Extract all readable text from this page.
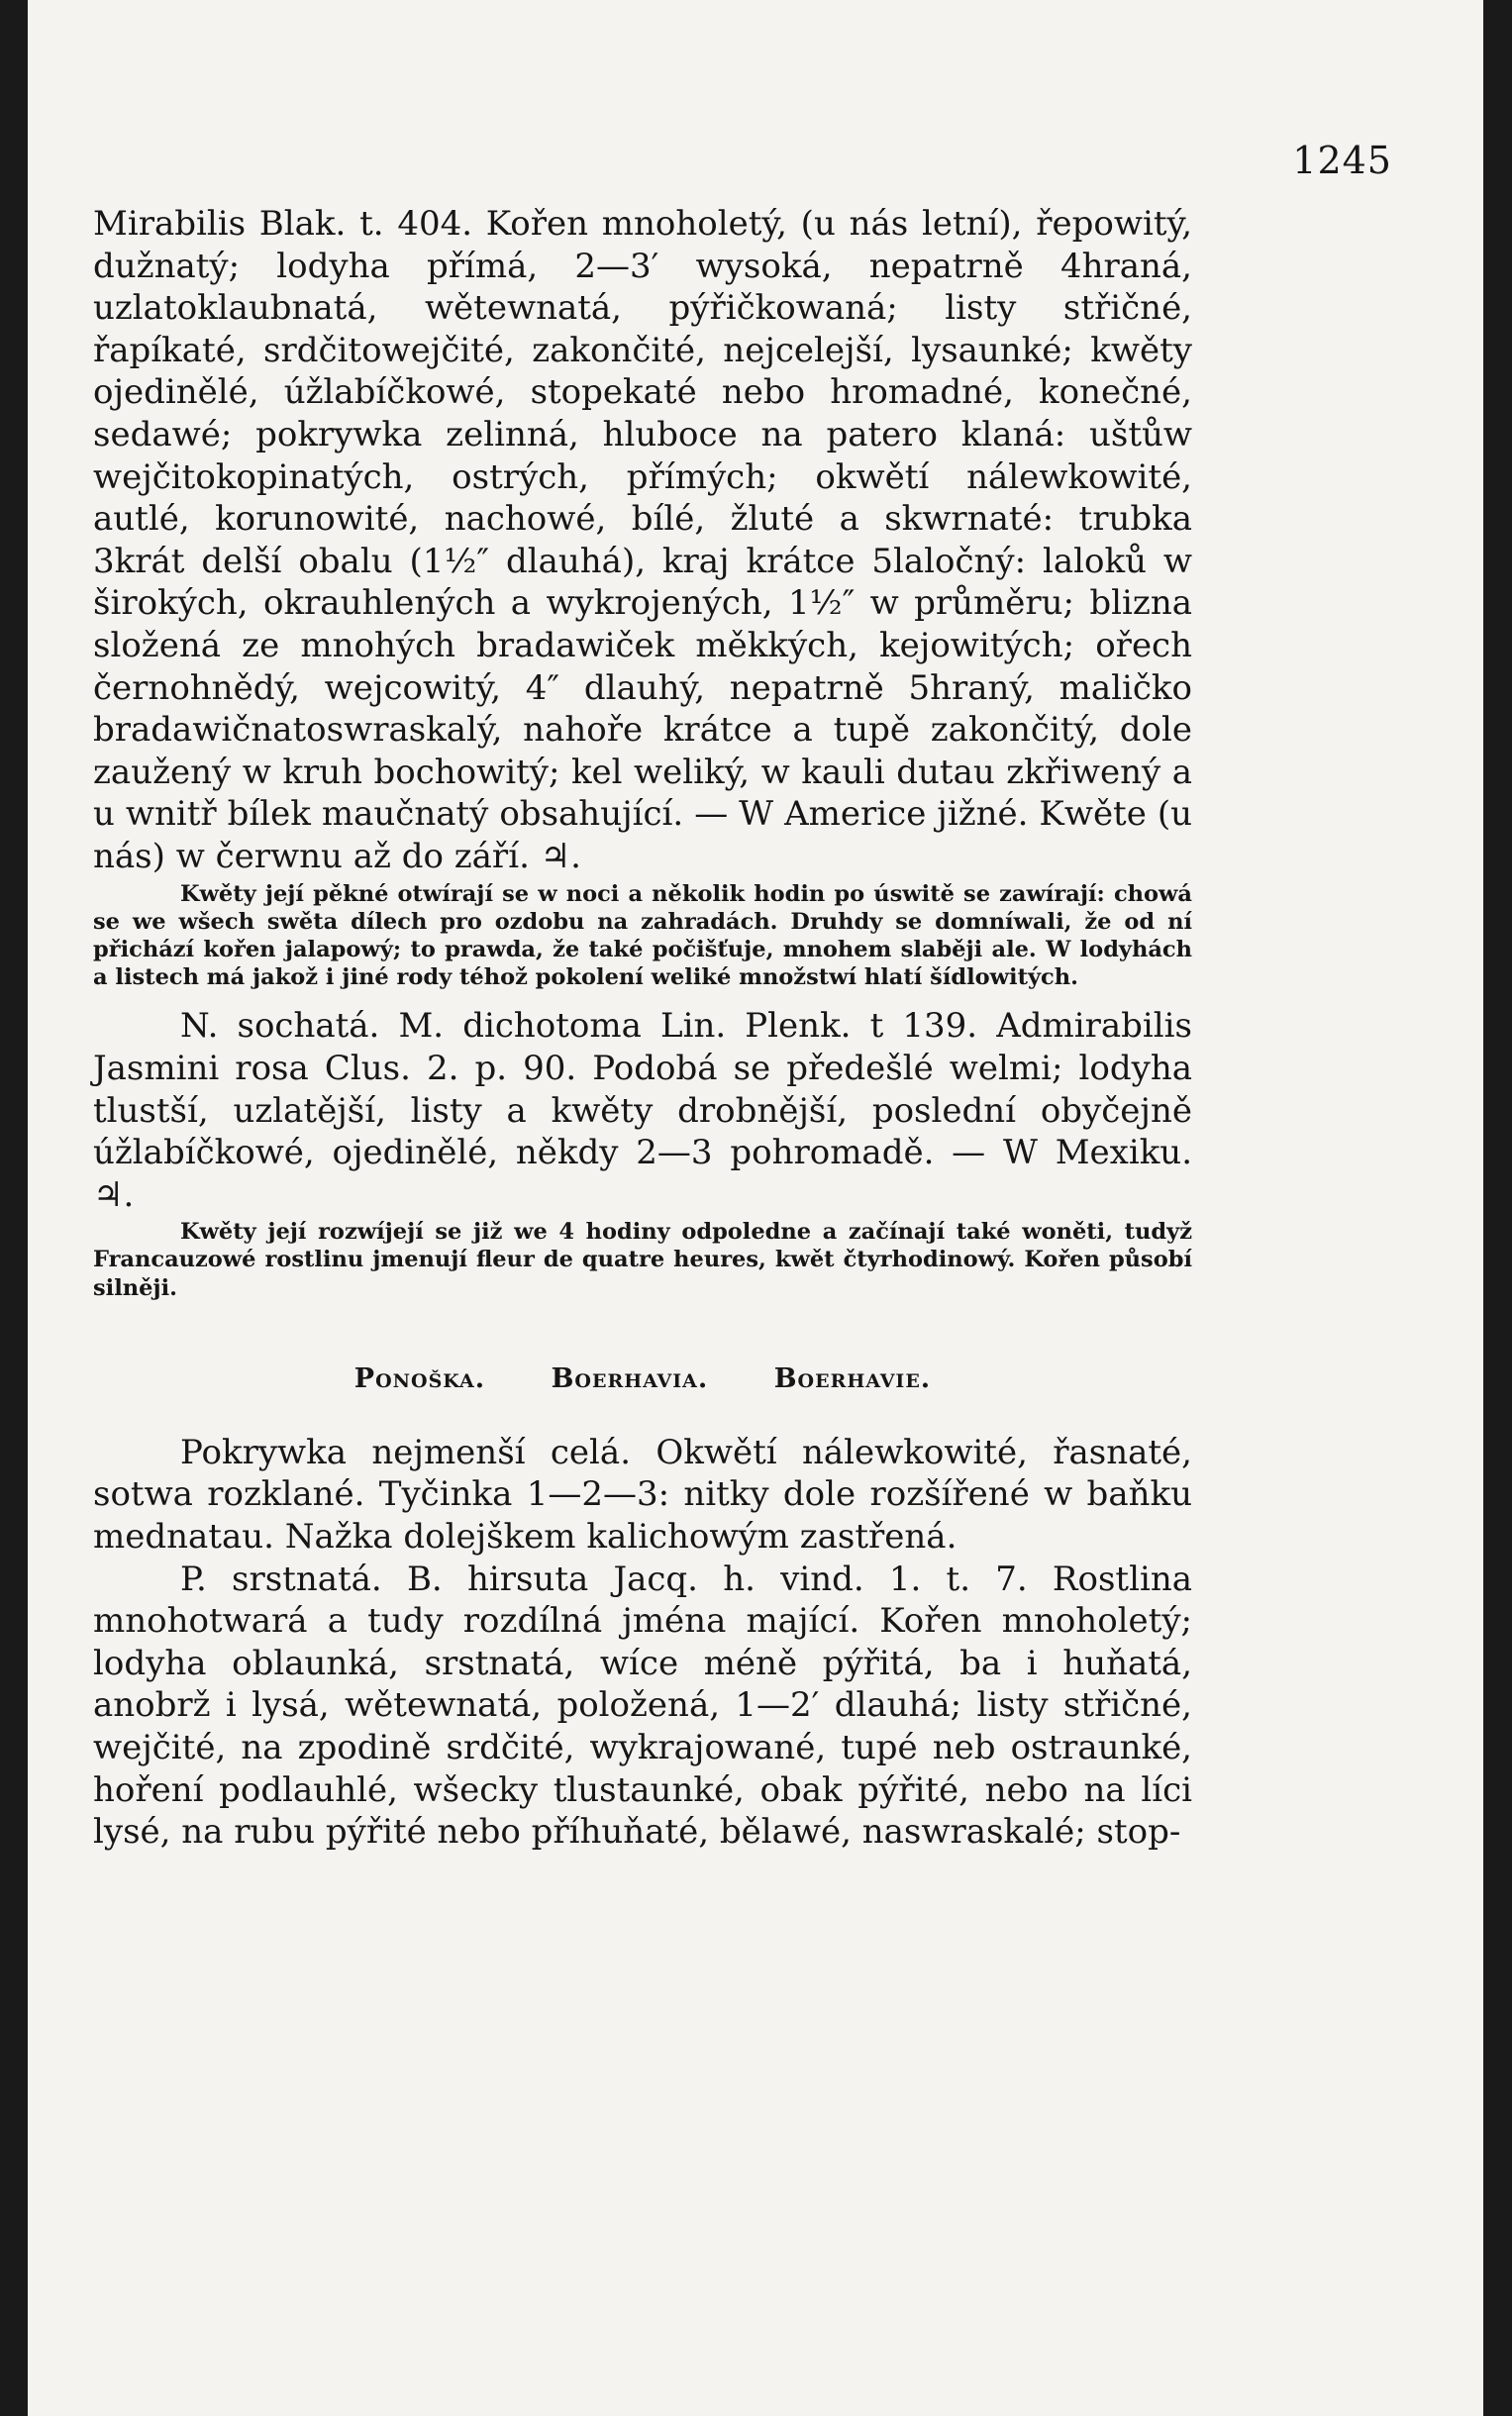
1245

Mirabilis Blak. t. 404. Kořen mnoholetý, (u nás letní), řepowitý, dužnatý; lodyha přímá, 2—3′ wysoká, nepatrně 4hraná, uzlatoklaubnatá, wětewnatá, pýřičkowaná; listy střičné, řapíkaté, srdčitowejčité, zakončité, nejcelejší, lysaunké; kwěty ojedinělé, úžlabíčkowé, stopekaté nebo hromadné, konečné, sedawé; pokrywka zelinná, hluboce na patero klaná: uštůw wejčitokopinatých, ostrých, přímých; okwětí nálewkowité, autlé, korunowité, nachowé, bílé, žluté a skwrnaté: trubka 3krát delší obalu (1½″ dlauhá), kraj krátce 5laločný: laloků w širokých, okrauhlených a wykrojených, 1½″ w průměru; blizna složená ze mnohých bradawiček měkkých, kejowitých; ořech černohnědý, wejcowitý, 4″ dlauhý, nepatrně 5hraný, maličko bradawičnatoswraskalý, nahoře krátce a tupě zakončitý, dole zaužený w kruh bochowitý; kel weliký, w kauli dutau zkřiwený a u wnitř bílek maučnatý obsahující. — W Americe jižné. Kwěte (u nás) w čerwnu až do září. ♃.

Kwěty její pěkné otwírají se w noci a několik hodin po úswitě se zawírají: chowá se we wšech swěta dílech pro ozdobu na zahradách. Druhdy se domníwali, že od ní přichází kořen jalapowý; to prawda, že také počišťuje, mnohem slaběji ale. W lodyhách a listech má jakož i jiné rody téhož pokolení weliké množstwí hlatí šídlowitých.

N. sochatá. M. dichotoma Lin. Plenk. t 139. Admirabilis Jasmini rosa Clus. 2. p. 90. Podobá se předešlé welmi; lodyha tlustší, uzlatější, listy a kwěty drobnější, poslední obyčejně úžlabíčkowé, ojedinělé, někdy 2—3 pohromadě. — W Mexiku. ♃.

Kwěty její rozwíjejí se již we 4 hodiny odpoledne a začínají také woněti, tudyž Francauzowé rostlinu jmenují fleur de quatre heures, kwět čtyrhodinowý. Kořen působí silněji.

Ponoška. Boerhavia. Boerhavie.

Pokrywka nejmenší celá. Okwětí nálewkowité, řasnaté, sotwa rozklané. Tyčinka 1—2—3: nitky dole rozšířené w baňku mednatau. Nažka dolejškem kalichowým zastřená.

P. srstnatá. B. hirsuta Jacq. h. vind. 1. t. 7. Rostlina mnohotwará a tudy rozdílná jména mající. Kořen mnoholetý; lodyha oblaunká, srstnatá, wíce méně pýřitá, ba i huňatá, anobrž i lysá, wětewnatá, položená, 1—2′ dlauhá; listy střičné, wejčité, na zpodině srdčité, wykrajowané, tupé neb ostraunké, hoření podlauhlé, wšecky tlustaunké, obak pýřité, nebo na líci lysé, na rubu pýřité nebo příhuňaté, bělawé, naswraskalé; stop-
